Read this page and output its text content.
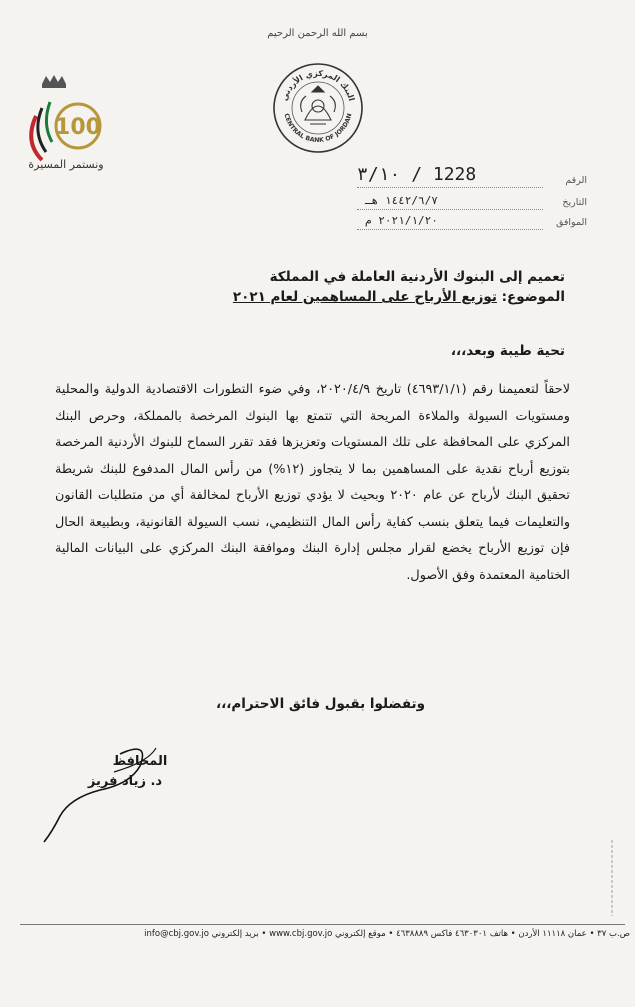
بسم الله الرحمن الرحيم
البنك المركزي الأردني
CENTRAL BANK OF JORDAN
100
ونستمر المسيرة
الرقم
1228 / ٣/١٠
التاريخ
١٤٤٢/٦/٧ هـ
الموافق
٢٠٢١/١/٢٠ م
تعميم إلى البنوك الأردنية العاملة في المملكة
الموضوع: توزيع الأرباح على المساهمين لعام ٢٠٢١
تحية طيبة وبعد،،،
لاحقاً لتعميمنا رقم (٤٦٩٣/١/١) تاريخ ٢٠٢٠/٤/٩، وفي ضوء التطورات الاقتصادية الدولية والمحلية ومستويات السيولة والملاءة المريحة التي تتمتع بها البنوك المرخصة بالمملكة، وحرص البنك المركزي على المحافظة على تلك المستويات وتعزيزها فقد تقرر السماح للبنوك الأردنية المرخصة بتوزيع أرباح نقدية على المساهمين بما لا يتجاوز (١٢%) من رأس المال المدفوع للبنك شريطة تحقيق البنك لأرباح عن عام ٢٠٢٠ وبحيث لا يؤدي توزيع الأرباح لمخالفة أي من متطلبات القانون والتعليمات فيما يتعلق بنسب كفاية رأس المال التنظيمي، نسب السيولة القانونية، وبطبيعة الحال فإن توزيع الأرباح يخضع لقرار مجلس إدارة البنك وموافقة البنك المركزي على البيانات المالية الختامية المعتمدة وفق الأصول.
وتفضلوا بقبول فائق الاحترام،،،
المحافظ
د. زياد فريز
ص.ب ٣٧ • عمان ١١١١٨ الأردن • هاتف ٤٦٣٠٣٠١ فاكس ٤٦٣٨٨٨٩ • موقع إلكتروني www.cbj.gov.jo • بريد إلكتروني info@cbj.gov.jo
